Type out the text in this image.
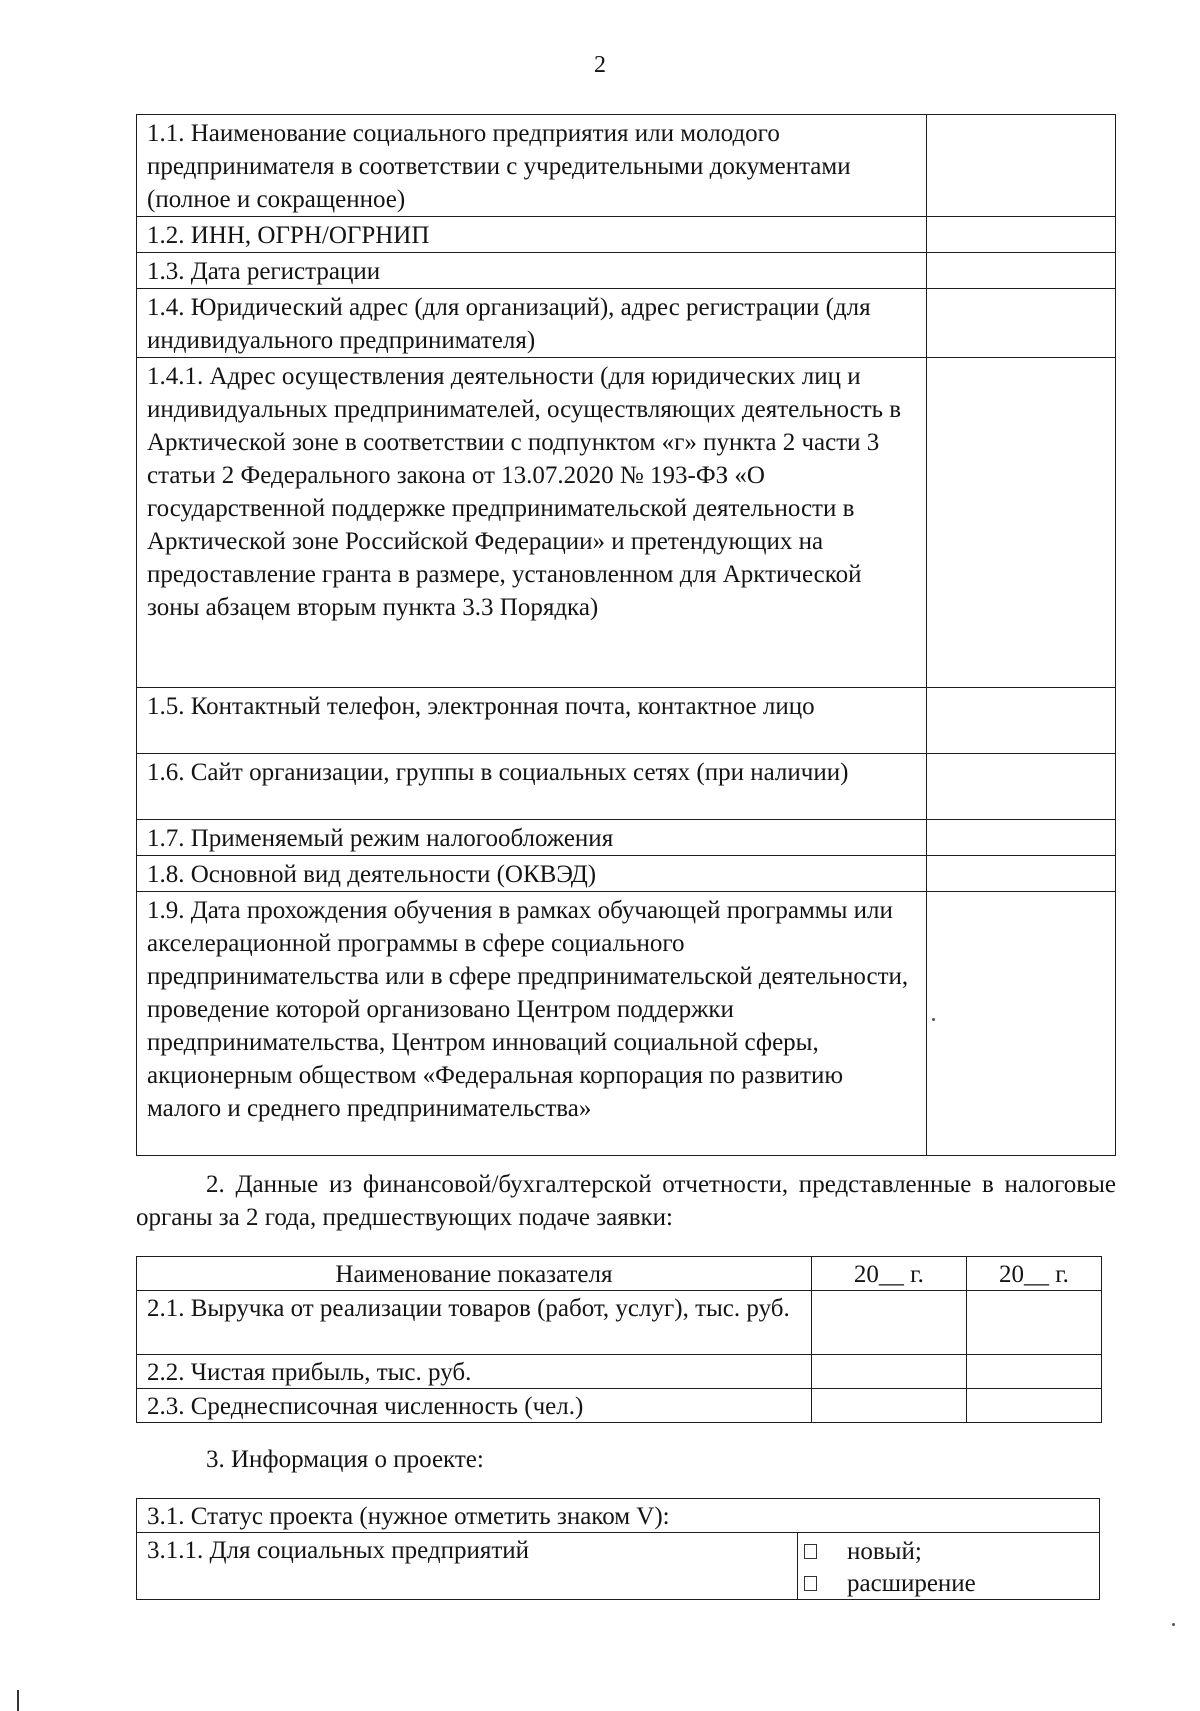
2
1.1. Наименование социального предприятия или молодого предпринимателя в соответствии с учредительными документами (полное и сокращенное)	
1.2. ИНН, ОГРН/ОГРНИП	
1.3. Дата регистрации	
1.4. Юридический адрес (для организаций), адрес регистрации (для индивидуального предпринимателя)	
1.4.1. Адрес осуществления деятельности (для юридических лиц и индивидуальных предпринимателей, осуществляющих деятельность в Арктической зоне в соответствии с подпунктом «г» пункта 2 части 3 статьи 2 Федерального закона от 13.07.2020 № 193-ФЗ «О государственной поддержке предпринимательской деятельности в Арктической зоне Российской Федерации» и претендующих на предоставление гранта в размере, установленном для Арктической зоны абзацем вторым пункта 3.3 Порядка)	
1.5. Контактный телефон, электронная почта, контактное лицо	
1.6. Сайт организации, группы в социальных сетях (при наличии)	
1.7. Применяемый режим налогообложения	
1.8. Основной вид деятельности (ОКВЭД)	
1.9. Дата прохождения обучения в рамках обучающей программы или акселерационной программы в сфере социального предпринимательства или в сфере предпринимательской деятельности, проведение которой организовано Центром поддержки предпринимательства, Центром инноваций социальной сферы, акционерным обществом «Федеральная корпорация по развитию малого и среднего предпринимательства»	
2. Данные из финансовой/бухгалтерской отчетности, представленные в налоговые органы за 2 года, предшествующих подаче заявки:
Наименование показателя	20__ г.	20__ г.
2.1. Выручка от реализации товаров (работ, услуг), тыс. руб.		
2.2. Чистая прибыль, тыс. руб.		
2.3. Среднесписочная численность (чел.)		
3. Информация о проекте:
3.1. Статус проекта (нужное отметить знаком V):
3.1.1. Для социальных предприятий	новый;
расширение
